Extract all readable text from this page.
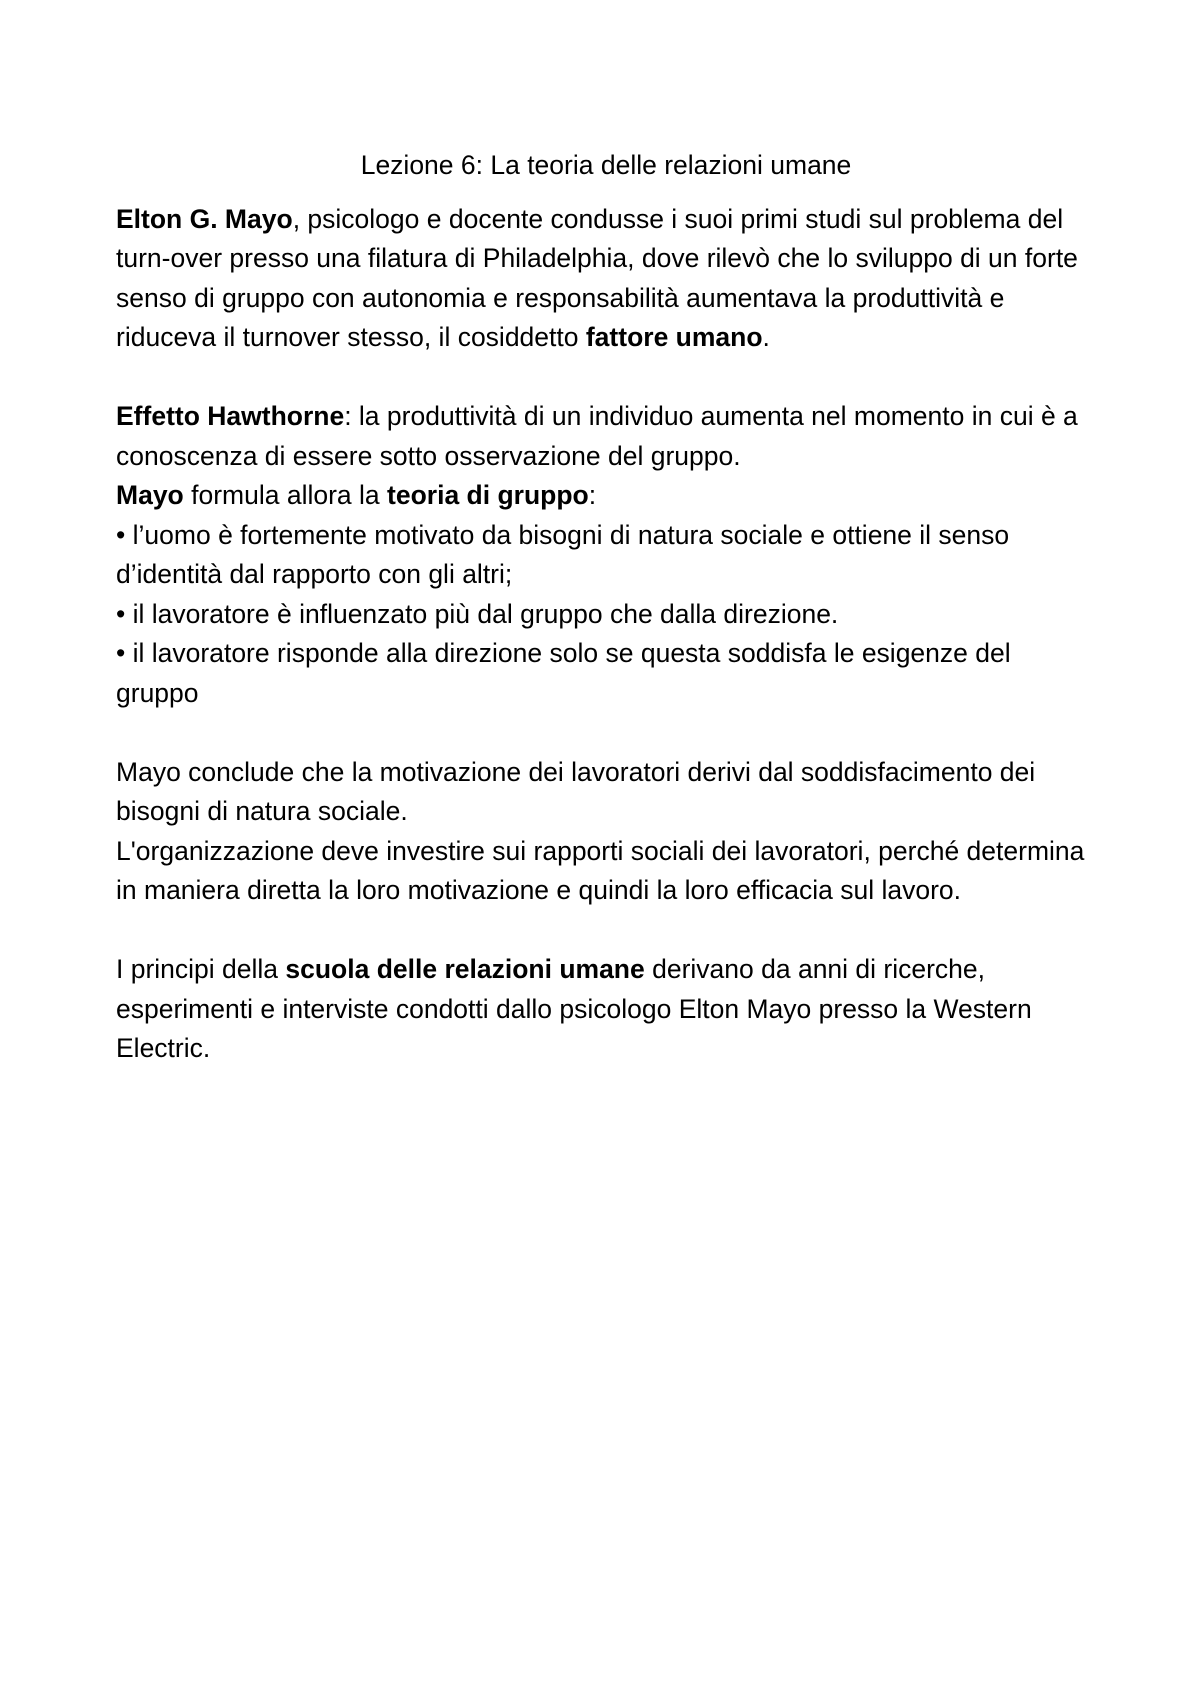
Lezione 6: La teoria delle relazioni umane

Elton G. Mayo, psicologo e docente condusse i suoi primi studi sul problema del turn-over presso una filatura di Philadelphia, dove rilevò che lo sviluppo di un forte senso di gruppo con autonomia e responsabilità aumentava la produttività e riduceva il turnover stesso, il cosiddetto fattore umano.

Effetto Hawthorne: la produttività di un individuo aumenta nel momento in cui è a conoscenza di essere sotto osservazione del gruppo.

Mayo formula allora la teoria di gruppo:

• l’uomo è fortemente motivato da bisogni di natura sociale e ottiene il senso d’identità dal rapporto con gli altri;

• il lavoratore è influenzato più dal gruppo che dalla direzione.

• il lavoratore risponde alla direzione solo se questa soddisfa le esigenze del gruppo

Mayo conclude che la motivazione dei lavoratori derivi dal soddisfacimento dei bisogni di natura sociale.

L'organizzazione deve investire sui rapporti sociali dei lavoratori, perché determina in maniera diretta la loro motivazione e quindi la loro efficacia sul lavoro.

I principi della scuola delle relazioni umane derivano da anni di ricerche, esperimenti e interviste condotti dallo psicologo Elton Mayo presso la Western Electric.
